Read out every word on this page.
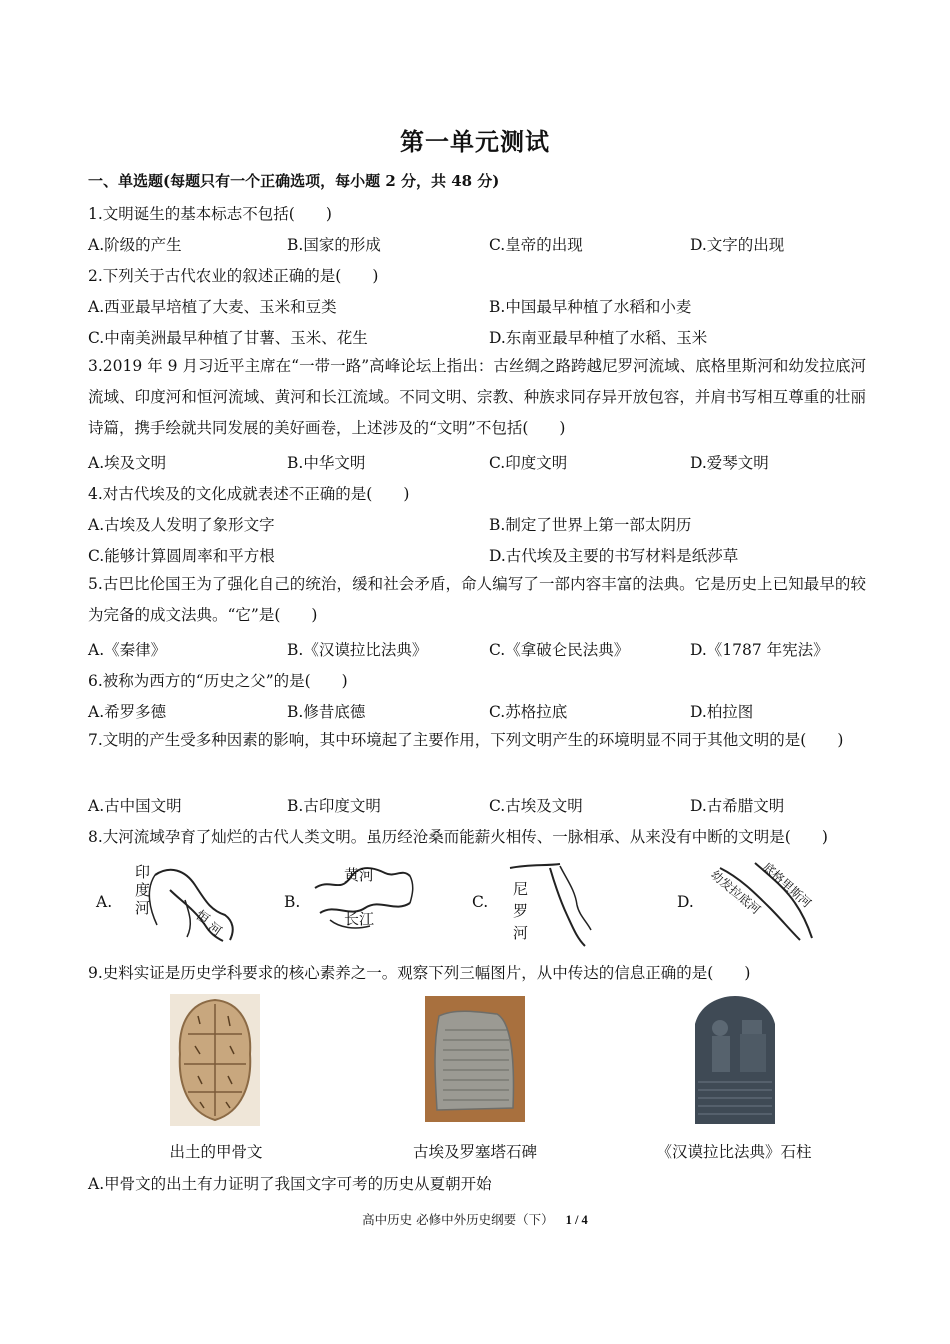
第一单元测试
一、单选题(每题只有一个正确选项，每小题 2 分，共 48 分)
1.文明诞生的基本标志不包括(　　)
A.阶级的产生	B.国家的形成	C.皇帝的出现	D.文字的出现
2.下列关于古代农业的叙述正确的是(　　)
A.西亚最早培植了大麦、玉米和豆类	B.中国最早种植了水稻和小麦
C.中南美洲最早种植了甘薯、玉米、花生	D.东南亚最早种植了水稻、玉米
3.2019 年 9 月习近平主席在“一带一路”高峰论坛上指出：古丝绸之路跨越尼罗河流域、底格里斯河和幼发拉底河流域、印度河和恒河流域、黄河和长江流域。不同文明、宗教、种族求同存异开放包容，并肩书写相互尊重的壮丽诗篇，携手绘就共同发展的美好画卷，上述涉及的“文明”不包括(　　)
A.埃及文明	B.中华文明	C.印度文明	D.爱琴文明
4.对古代埃及的文化成就表述不正确的是(　　)
A.古埃及人发明了象形文字	B.制定了世界上第一部太阴历
C.能够计算圆周率和平方根	D.古代埃及主要的书写材料是纸莎草
5.古巴比伦国王为了强化自己的统治，缓和社会矛盾，命人编写了一部内容丰富的法典。它是历史上已知最早的较为完备的成文法典。“它”是(　　)
A.《秦律》	B.《汉谟拉比法典》	C.《拿破仑民法典》	D.《1787 年宪法》
6.被称为西方的“历史之父”的是(　　)
A.希罗多德	B.修昔底德	C.苏格拉底	D.柏拉图
7.文明的产生受多种因素的影响，其中环境起了主要作用，下列文明产生的环境明显不同于其他文明的是(　　)
A.古中国文明	B.古印度文明	C.古埃及文明	D.古希腊文明
8.大河流域孕育了灿烂的古代人类文明。虽历经沧桑而能薪火相传、一脉相承、从来没有中断的文明是(　　)
A.
印
度
河	恒
河
B.
黄河
长江
C.
尼
罗
河
D. 幼发拉底河
底格里斯河
9.史料实证是历史学科要求的核心素养之一。观察下列三幅图片，从中传达的信息正确的是(　　)
出土的甲骨文	古埃及罗塞塔石碑	《汉谟拉比法典》石柱
A.甲骨文的出土有力证明了我国文字可考的历史从夏朝开始
高中历史 必修中外历史纲要（下） 1 / 4
